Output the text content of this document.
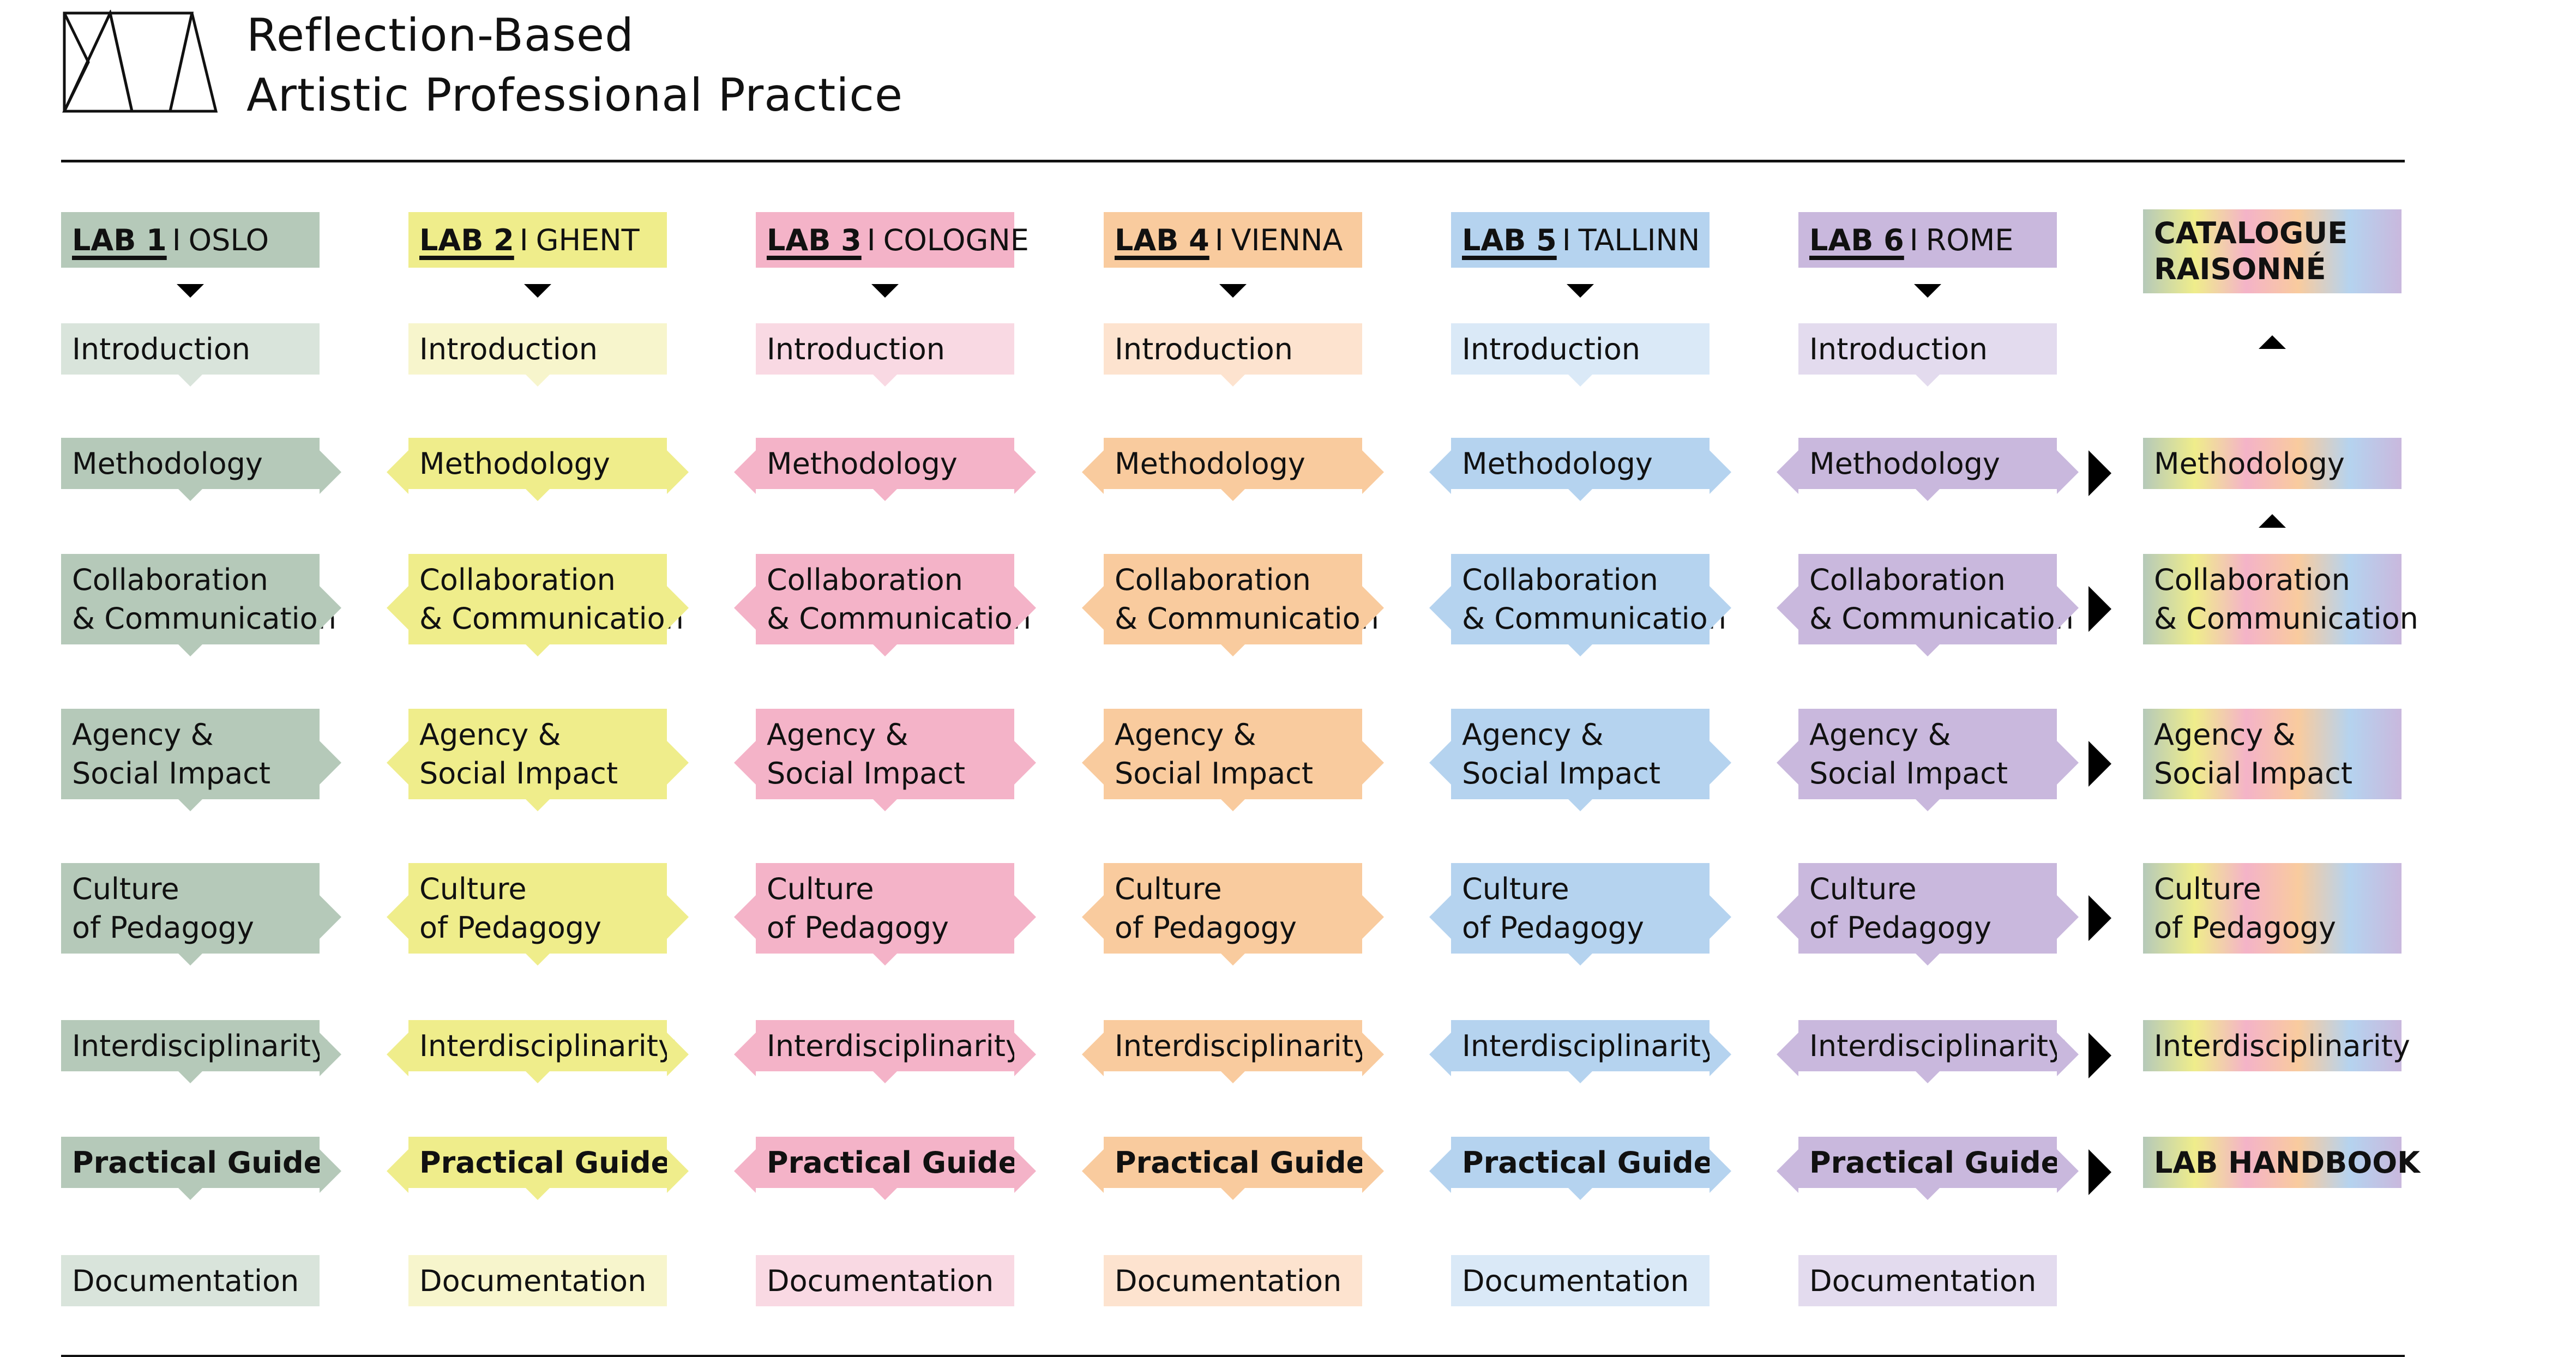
Reflection-Based
Artistic Professional Practice
LAB 1 I OSLO
Introduction
Methodology
Collaboration
& Communication
Agency &
Social Impact
Culture
of Pedagogy
Interdisciplinarity
Practical Guide
Documentation
LAB 2 I GHENT
Introduction
Methodology
Collaboration
& Communication
Agency &
Social Impact
Culture
of Pedagogy
Interdisciplinarity
Practical Guide
Documentation
LAB 3 I COLOGNE
Introduction
Methodology
Collaboration
& Communication
Agency &
Social Impact
Culture
of Pedagogy
Interdisciplinarity
Practical Guide
Documentation
LAB 4 I VIENNA
Introduction
Methodology
Collaboration
& Communication
Agency &
Social Impact
Culture
of Pedagogy
Interdisciplinarity
Practical Guide
Documentation
LAB 5 I TALLINN
Introduction
Methodology
Collaboration
& Communication
Agency &
Social Impact
Culture
of Pedagogy
Interdisciplinarity
Practical Guide
Documentation
LAB 6 I ROME
Introduction
Methodology
Collaboration
& Communication
Agency &
Social Impact
Culture
of Pedagogy
Interdisciplinarity
Practical Guide
Documentation
CATALOGUE
RAISONNÉ
Methodology
Collaboration
& Communication
Agency &
Social Impact
Culture
of Pedagogy
Interdisciplinarity
LAB HANDBOOK
